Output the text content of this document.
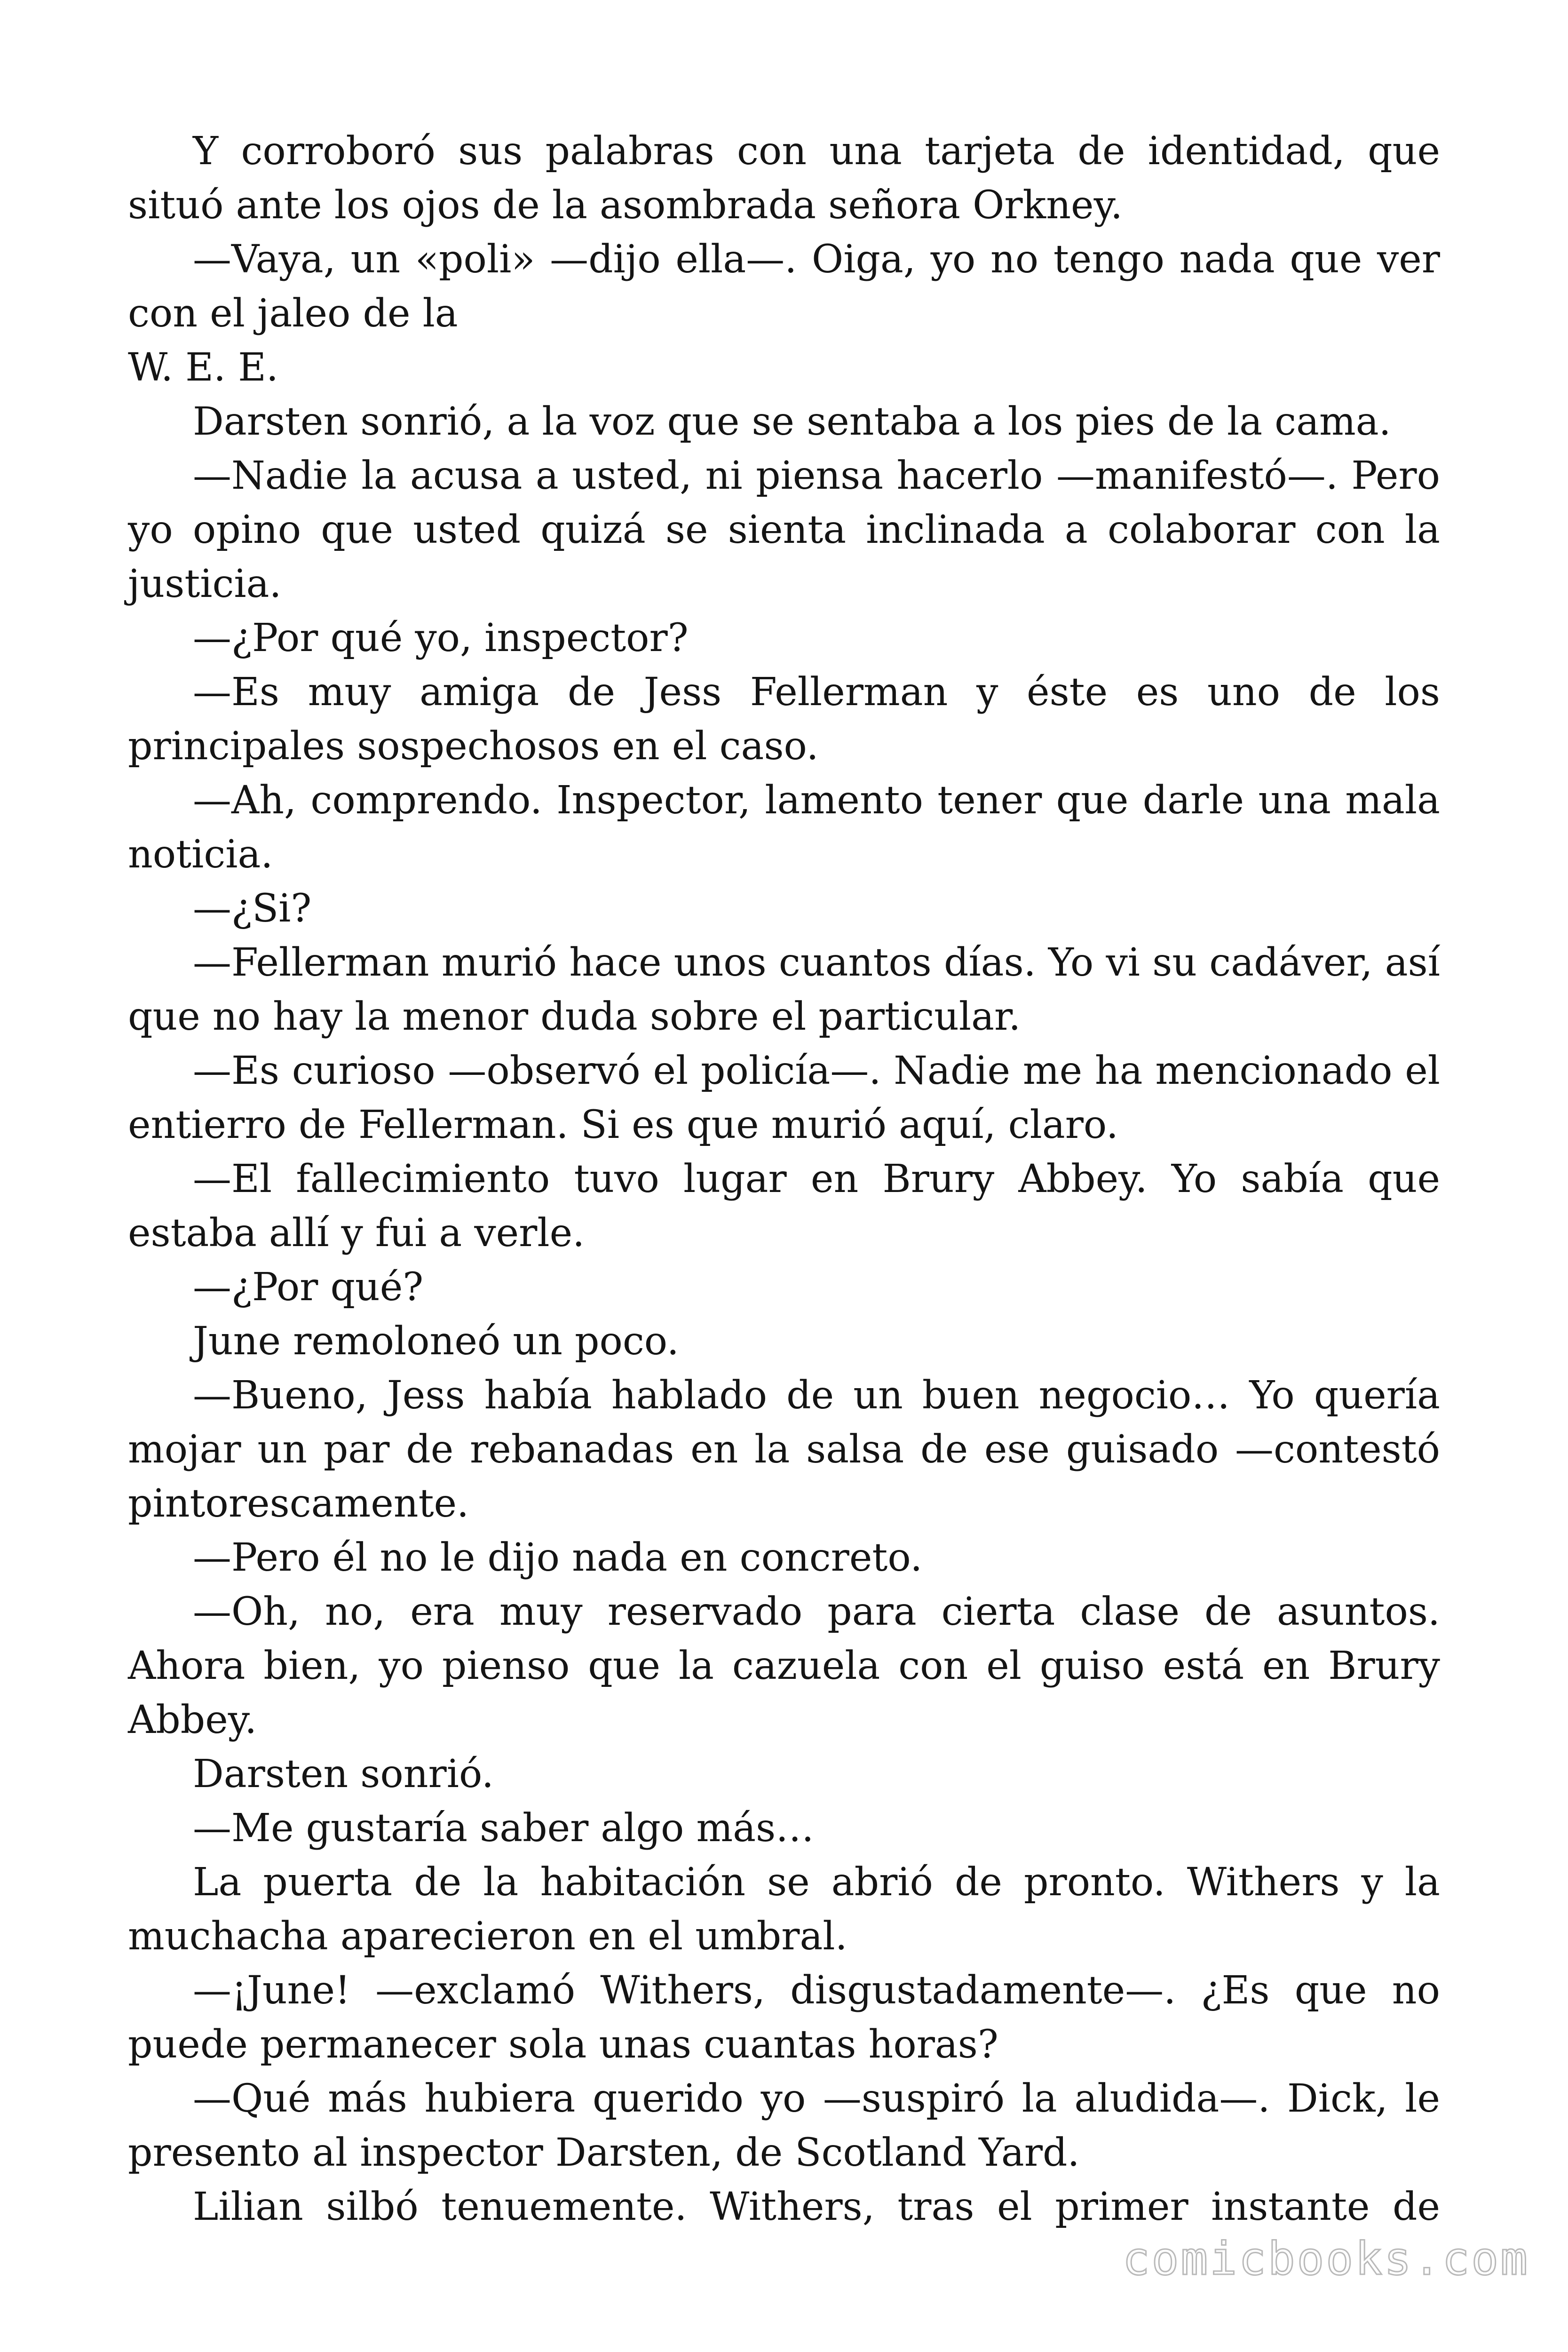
Y corroboró sus palabras con una tarjeta de identidad, que situó ante los ojos de la asombrada señora Orkney.

—Vaya, un «poli» —dijo ella—. Oiga, yo no tengo nada que ver con el jaleo de la

W. E. E.

Darsten sonrió, a la voz que se sentaba a los pies de la cama.

—Nadie la acusa a usted, ni piensa hacerlo —manifestó—. Pero yo opino que usted quizá se sienta inclinada a colaborar con la justicia.

—¿Por qué yo, inspector?

—Es muy amiga de Jess Fellerman y éste es uno de los principales sospechosos en el caso.

—Ah, comprendo. Inspector, lamento tener que darle una mala noticia.

—¿Si?

—Fellerman murió hace unos cuantos días. Yo vi su cadáver, así que no hay la menor duda sobre el particular.

—Es curioso —observó el policía—. Nadie me ha mencionado el entierro de Fellerman. Si es que murió aquí, claro.

—El fallecimiento tuvo lugar en Brury Abbey. Yo sabía que estaba allí y fui a verle.

—¿Por qué?

June remoloneó un poco.

—Bueno, Jess había hablado de un buen negocio… Yo quería mojar un par de rebanadas en la salsa de ese guisado —contestó pintorescamente.

—Pero él no le dijo nada en concreto.

—Oh, no, era muy reservado para cierta clase de asuntos. Ahora bien, yo pienso que la cazuela con el guiso está en Brury Abbey.

Darsten sonrió.

—Me gustaría saber algo más…

La puerta de la habitación se abrió de pronto. Withers y la muchacha aparecieron en el umbral.

—¡June! —exclamó Withers, disgustadamente—. ¿Es que no puede permanecer sola unas cuantas horas?

—Qué más hubiera querido yo —suspiró la aludida—. Dick, le presento al inspector Darsten, de Scotland Yard.

Lilian silbó tenuemente. Withers, tras el primer instante de

comicbooks.com
